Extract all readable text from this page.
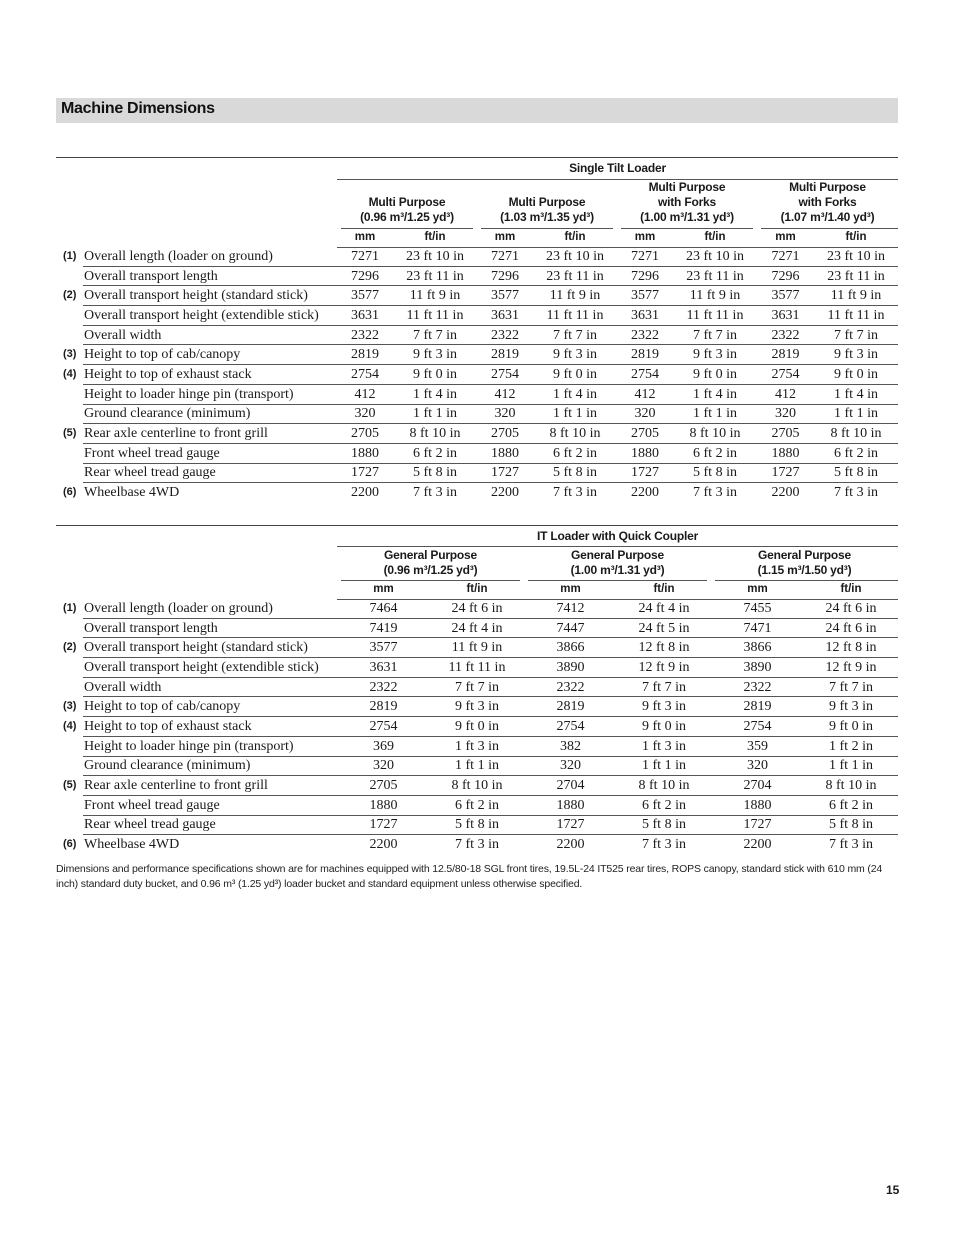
Machine Dimensions
Single Tilt Loader

Multi Purpose
(0.96 m³/1.25 yd³)

Multi Purpose
(1.03 m³/1.35 yd³)
Multi Purpose
with Forks
(1.00 m³/1.31 yd³)
Multi Purpose
with Forks
(1.07 m³/1.40 yd³)
mm	ft/in	mm	ft/in	mm	ft/in	mm	ft/in
(1)	Overall length (loader on ground)	7271	23 ft 10 in	7271	23 ft 10 in	7271	23 ft 10 in	7271	23 ft 10 in
	Overall transport length	7296	23 ft 11 in	7296	23 ft 11 in	7296	23 ft 11 in	7296	23 ft 11 in
(2)	Overall transport height (standard stick)	3577	11 ft 9 in	3577	11 ft 9 in	3577	11 ft 9 in	3577	11 ft 9 in
	Overall transport height (extendible stick)	3631	11 ft 11 in	3631	11 ft 11 in	3631	11 ft 11 in	3631	11 ft 11 in
	Overall width	2322	7 ft 7 in	2322	7 ft 7 in	2322	7 ft 7 in	2322	7 ft 7 in
(3)	Height to top of cab/canopy	2819	9 ft 3 in	2819	9 ft 3 in	2819	9 ft 3 in	2819	9 ft 3 in
(4)	Height to top of exhaust stack	2754	9 ft 0 in	2754	9 ft 0 in	2754	9 ft 0 in	2754	9 ft 0 in
	Height to loader hinge pin (transport)	412	1 ft 4 in	412	1 ft 4 in	412	1 ft 4 in	412	1 ft 4 in
	Ground clearance (minimum)	320	1 ft 1 in	320	1 ft 1 in	320	1 ft 1 in	320	1 ft 1 in
(5)	Rear axle centerline to front grill	2705	8 ft 10 in	2705	8 ft 10 in	2705	8 ft 10 in	2705	8 ft 10 in
	Front wheel tread gauge	1880	6 ft 2 in	1880	6 ft 2 in	1880	6 ft 2 in	1880	6 ft 2 in
	Rear wheel tread gauge	1727	5 ft 8 in	1727	5 ft 8 in	1727	5 ft 8 in	1727	5 ft 8 in
(6)	Wheelbase 4WD	2200	7 ft 3 in	2200	7 ft 3 in	2200	7 ft 3 in	2200	7 ft 3 in
IT Loader with Quick Coupler
General Purpose
(0.96 m³/1.25 yd³)
General Purpose
(1.00 m³/1.31 yd³)
General Purpose
(1.15 m³/1.50 yd³)
mm	ft/in	mm	ft/in	mm	ft/in
(1)	Overall length (loader on ground)	7464	24 ft 6 in	7412	24 ft 4 in	7455	24 ft 6 in
	Overall transport length	7419	24 ft 4 in	7447	24 ft 5 in	7471	24 ft 6 in
(2)	Overall transport height (standard stick)	3577	11 ft 9 in	3866	12 ft 8 in	3866	12 ft 8 in
	Overall transport height (extendible stick)	3631	11 ft 11 in	3890	12 ft 9 in	3890	12 ft 9 in
	Overall width	2322	7 ft 7 in	2322	7 ft 7 in	2322	7 ft 7 in
(3)	Height to top of cab/canopy	2819	9 ft 3 in	2819	9 ft 3 in	2819	9 ft 3 in
(4)	Height to top of exhaust stack	2754	9 ft 0 in	2754	9 ft 0 in	2754	9 ft 0 in
	Height to loader hinge pin (transport)	369	1 ft 3 in	382	1 ft 3 in	359	1 ft 2 in
	Ground clearance (minimum)	320	1 ft 1 in	320	1 ft 1 in	320	1 ft 1 in
(5)	Rear axle centerline to front grill	2705	8 ft 10 in	2704	8 ft 10 in	2704	8 ft 10 in
	Front wheel tread gauge	1880	6 ft 2 in	1880	6 ft 2 in	1880	6 ft 2 in
	Rear wheel tread gauge	1727	5 ft 8 in	1727	5 ft 8 in	1727	5 ft 8 in
(6)	Wheelbase 4WD	2200	7 ft 3 in	2200	7 ft 3 in	2200	7 ft 3 in
Dimensions and performance specifications shown are for machines equipped with 12.5/80-18 SGL front tires, 19.5L-24 IT525 rear tires, ROPS canopy, standard stick with 610 mm (24 inch) standard duty bucket, and 0.96 m³ (1.25 yd³) loader bucket and standard equipment unless otherwise specified.
15
